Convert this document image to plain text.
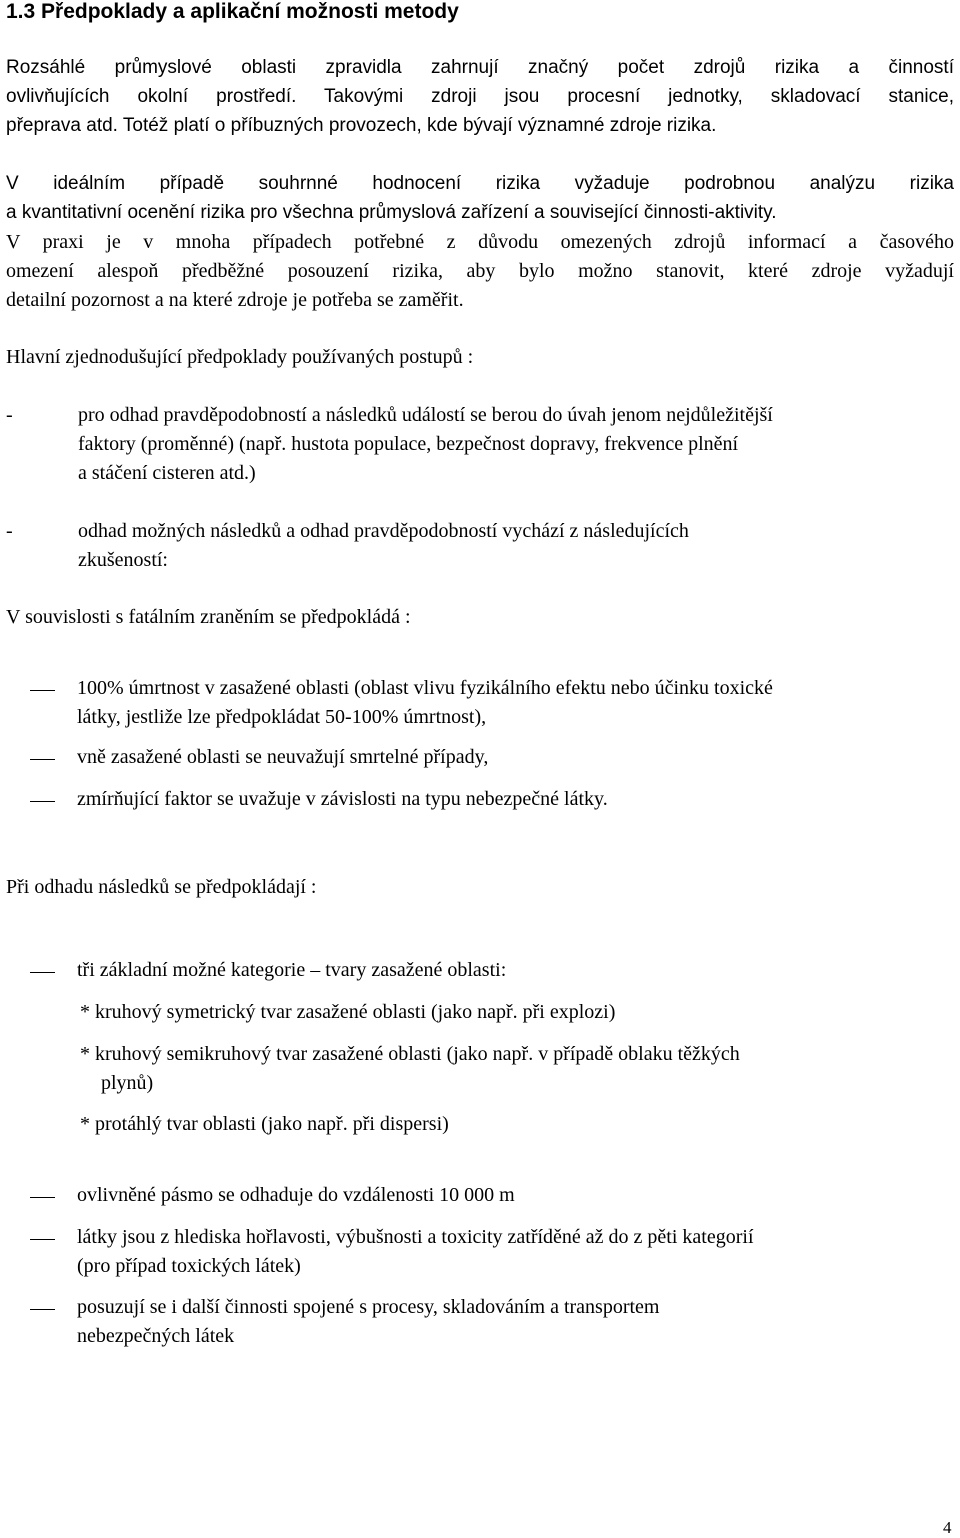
1.3 Předpoklady a aplikační možnosti metody
Rozsáhlé průmyslové oblasti zpravidla zahrnují značný počet zdrojů rizika a činností
ovlivňujících okolní prostředí. Takovými zdroji jsou procesní jednotky, skladovací stanice,
přeprava atd. Totéž platí o příbuzných provozech, kde bývají významné zdroje rizika.
V ideálním případě souhrnné hodnocení rizika vyžaduje podrobnou analýzu rizika
a kvantitativní ocenění rizika pro všechna průmyslová zařízení a související činnosti-aktivity.
V praxi je v mnoha případech potřebné z důvodu omezených zdrojů informací a časového
omezení alespoň předběžné posouzení rizika, aby bylo možno stanovit, které zdroje vyžadují
detailní pozornost a na které zdroje je potřeba se zaměřit.
Hlavní zjednodušující předpoklady používaných postupů :
-	pro odhad pravděpodobností a následků událostí se berou do úvah jenom nejdůležitější
faktory (proměnné) (např. hustota populace, bezpečnost dopravy, frekvence plnění
a stáčení cisteren atd.)
-	odhad možných následků a odhad pravděpodobností vychází z následujících
zkušeností:
V souvislosti s fatálním zraněním se předpokládá :
100% úmrtnost v zasažené oblasti (oblast vlivu fyzikálního efektu nebo účinku toxické
látky, jestliže lze předpokládat 50-100% úmrtnost),
vně zasažené oblasti se neuvažují smrtelné případy,
zmírňující faktor se uvažuje v závislosti na typu nebezpečné látky.
Při odhadu následků se předpokládají :
tři základní možné kategorie – tvary zasažené oblasti:
* kruhový symetrický tvar zasažené oblasti (jako např. při explozi)
* kruhový semikruhový tvar zasažené oblasti (jako např. v případě oblaku těžkých
plynů)
* protáhlý tvar oblasti (jako např. při dispersi)
ovlivněné pásmo se odhaduje do vzdálenosti 10 000 m
látky jsou z hlediska hořlavosti, výbušnosti a toxicity zatříděné až do z pěti kategorií
(pro případ toxických látek)
posuzují se i další činnosti spojené s procesy, skladováním a transportem
nebezpečných látek
4
